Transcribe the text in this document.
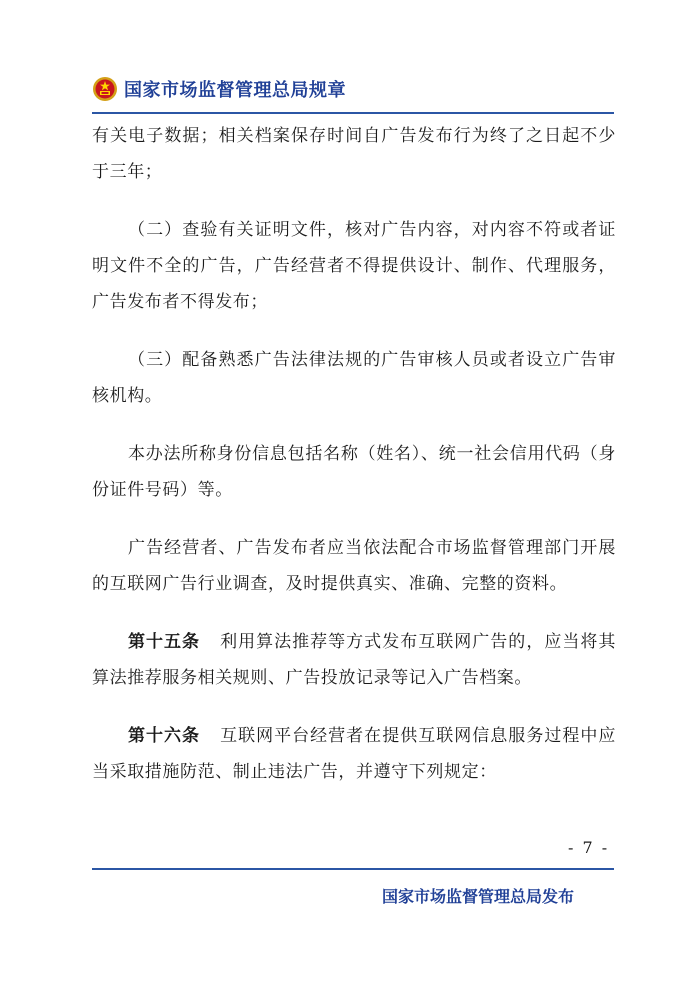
国家市场监督管理总局规章

有关电子数据；相关档案保存时间自广告发布行为终了之日起不少于三年；

（二）查验有关证明文件，核对广告内容，对内容不符或者证明文件不全的广告，广告经营者不得提供设计、制作、代理服务，广告发布者不得发布；

（三）配备熟悉广告法律法规的广告审核人员或者设立广告审核机构。

本办法所称身份信息包括名称（姓名）、统一社会信用代码（身份证件号码）等。

广告经营者、广告发布者应当依法配合市场监督管理部门开展的互联网广告行业调查，及时提供真实、准确、完整的资料。

第十五条 利用算法推荐等方式发布互联网广告的，应当将其算法推荐服务相关规则、广告投放记录等记入广告档案。

第十六条 互联网平台经营者在提供互联网信息服务过程中应当采取措施防范、制止违法广告，并遵守下列规定：

- 7 -
国家市场监督管理总局发布
